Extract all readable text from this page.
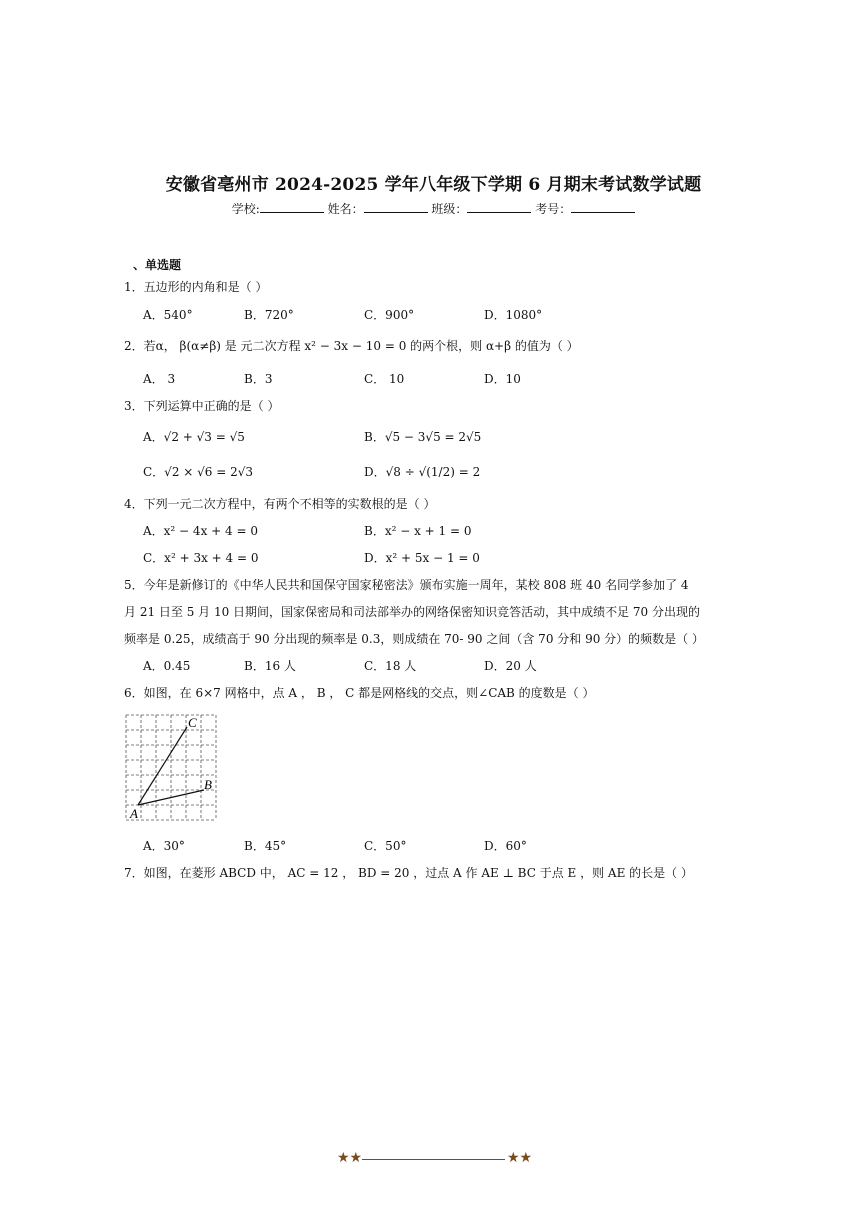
安徽省亳州市 2024-2025 学年八年级下学期 6 月期末考试数学试题
学校:	姓名：	班级：	考号：
、单选题
1．五边形的内角和是（ ）
A．540°	B．720°	C．900°	D．1080°
2．若α， β(α≠β) 是 元二次方程 x² − 3x − 10 = 0 的两个根，则 α+β 的值为（ ）
A． 3	B．3	C． 10	D．10
3．下列运算中正确的是（ ）
A．√2 + √3 = √5	B．√5 − 3√5 = 2√5
C．√2 × √6 = 2√3	D．√8 ÷ √(1/2) = 2
4．下列一元二次方程中，有两个不相等的实数根的是（ ）
A．x² − 4x + 4 = 0	B．x² − x + 1 = 0
C．x² + 3x + 4 = 0	D．x² + 5x − 1 = 0
5．今年是新修订的《中华人民共和国保守国家秘密法》颁布实施一周年，某校 808 班 40 名同学参加了 4
月 21 日至 5 月 10 日期间，国家保密局和司法部举办的网络保密知识竞答活动，其中成绩不足 70 分出现的
频率是 0.25，成绩高于 90 分出现的频率是 0.3，则成绩在 70- 90 之间（含 70 分和 90 分）的频数是（ ）
A．0.45	B．16 人	C．18 人	D．20 人
6．如图，在 6×7 网格中，点 A ， B ， C 都是网格线的交点，则∠CAB 的度数是（ ）
A
B
C
A．30°	B．45°	C．50°	D．60°
7．如图，在菱形 ABCD 中， AC = 12 ， BD = 20 ，过点 A 作 AE ⊥ BC 于点 E ，则 AE 的长是（ ）
★★	★★
